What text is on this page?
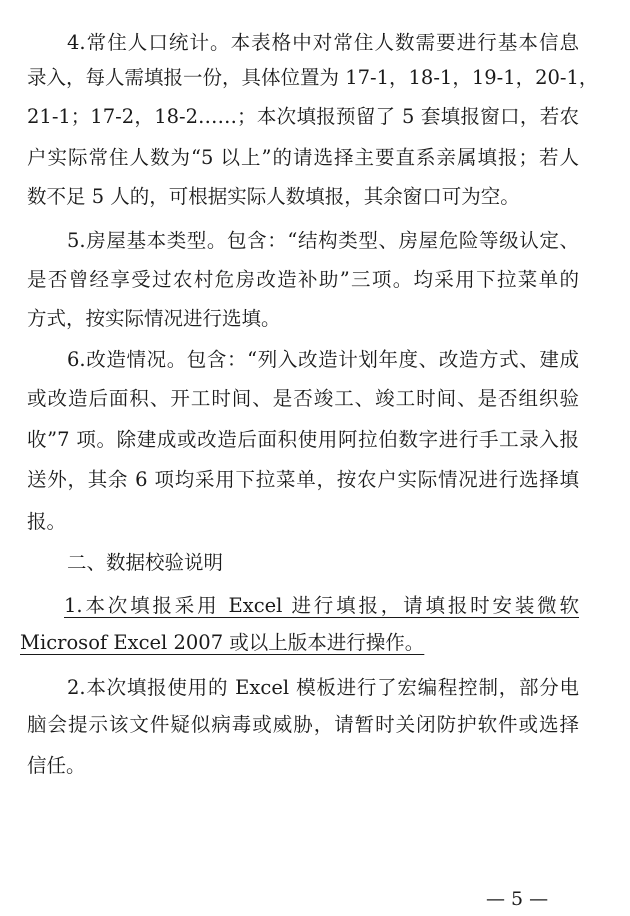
4.常住人口统计。本表格中对常住人数需要进行基本信息
录入，每人需填报一份，具体位置为 17-1，18-1，19-1，20-1，
21-1；17-2，18-2……；本次填报预留了 5 套填报窗口，若农
户实际常住人数为“5 以上”的请选择主要直系亲属填报；若人
数不足 5 人的，可根据实际人数填报，其余窗口可为空。
5.房屋基本类型。包含：“结构类型、房屋危险等级认定、
是否曾经享受过农村危房改造补助”三项。均采用下拉菜单的
方式，按实际情况进行选填。
6.改造情况。包含：“列入改造计划年度、改造方式、建成
或改造后面积、开工时间、是否竣工、竣工时间、是否组织验
收”7 项。除建成或改造后面积使用阿拉伯数字进行手工录入报
送外，其余 6 项均采用下拉菜单，按农户实际情况进行选择填
报。
二、数据校验说明
1.本次填报采用 Excel 进行填报，请填报时安装微软
Microsof Excel 2007 或以上版本进行操作。
2.本次填报使用的 Excel 模板进行了宏编程控制，部分电
脑会提示该文件疑似病毒或威胁，请暂时关闭防护软件或选择
信任。
— 5 —
